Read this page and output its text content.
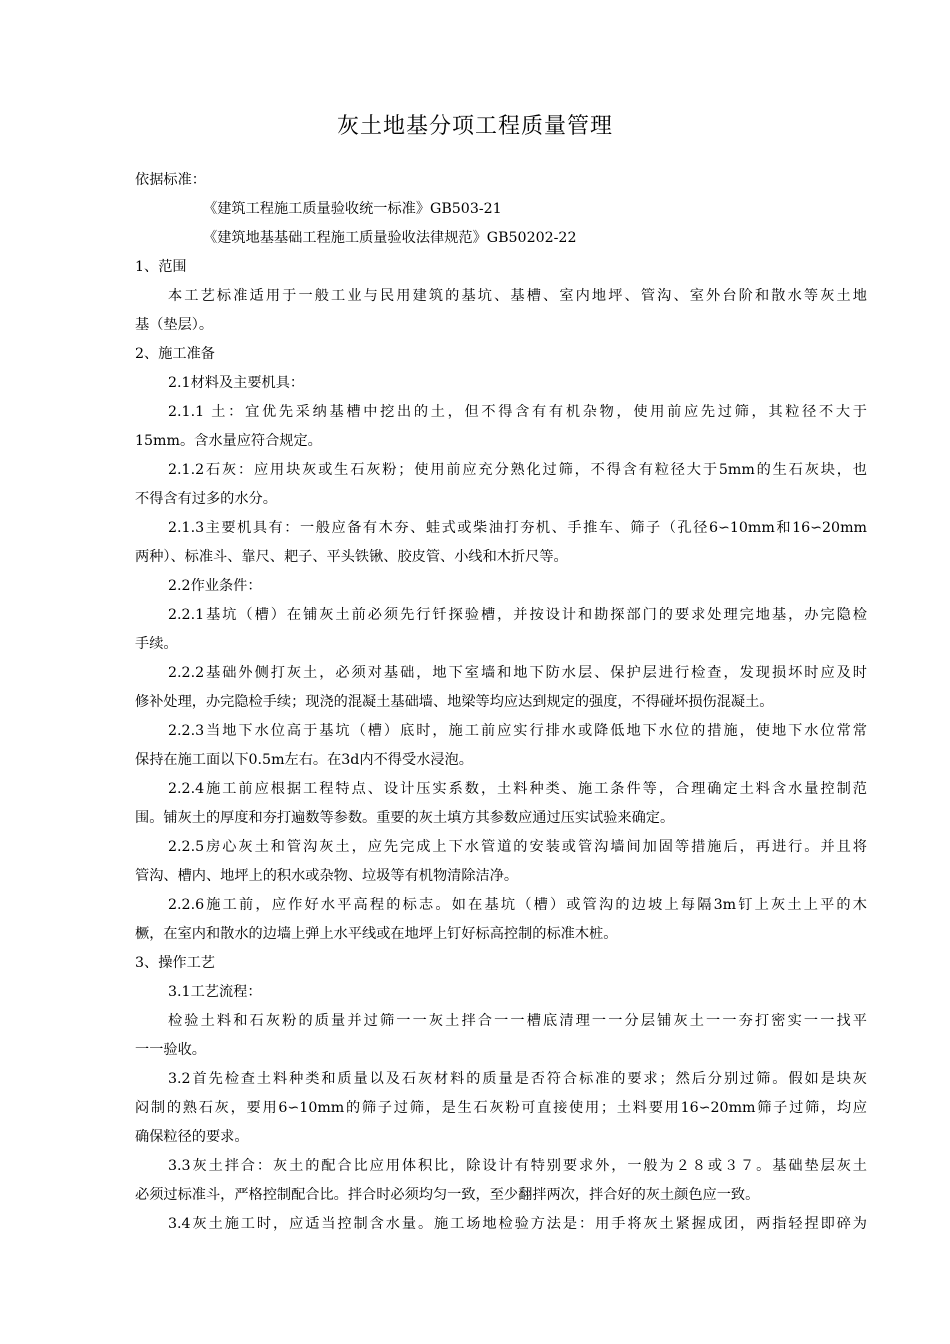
灰土地基分项工程质量管理
依据标准：
《建筑工程施工质量验收统一标准》GB503-21
《建筑地基基础工程施工质量验收法律规范》GB50202-22
1、范围
本工艺标准适用于一般工业与民用建筑的基坑、基槽、室内地坪、管沟、室外台阶和散水等灰土地
基（垫层）。
2、施工准备
2.1材料及主要机具：
2.1.1 土：宜优先采纳基槽中挖出的土，但不得含有有机杂物，使用前应先过筛，其粒径不大于
15mm。含水量应符合规定。
2.1.2石灰：应用块灰或生石灰粉；使用前应充分熟化过筛，不得含有粒径大于5mm的生石灰块，也
不得含有过多的水分。
2.1.3主要机具有：一般应备有木夯、蛙式或柴油打夯机、手推车、筛子（孔径6∽10mm和16∽20mm
两种）、标准斗、靠尺、耙子、平头铁锹、胶皮管、小线和木折尺等。
2.2作业条件：
2.2.1基坑（槽）在铺灰土前必须先行钎探验槽，并按设计和勘探部门的要求处理完地基，办完隐检
手续。
2.2.2基础外侧打灰土，必须对基础，地下室墙和地下防水层、保护层进行检查，发现损坏时应及时
修补处理，办完隐检手续；现浇的混凝土基础墙、地梁等均应达到规定的强度，不得碰坏损伤混凝土。
2.2.3当地下水位高于基坑（槽）底时，施工前应实行排水或降低地下水位的措施，使地下水位常常
保持在施工面以下0.5m左右。在3d内不得受水浸泡。
2.2.4施工前应根据工程特点、设计压实系数，土料种类、施工条件等，合理确定土料含水量控制范
围。铺灰土的厚度和夯打遍数等参数。重要的灰土填方其参数应通过压实试验来确定。
2.2.5房心灰土和管沟灰土，应先完成上下水管道的安装或管沟墙间加固等措施后，再进行。并且将
管沟、槽内、地坪上的积水或杂物、垃圾等有机物清除洁净。
2.2.6施工前，应作好水平高程的标志。如在基坑（槽）或管沟的边坡上每隔3m钉上灰土上平的木
橛，在室内和散水的边墙上弹上水平线或在地坪上钉好标高控制的标准木桩。
3、操作工艺
3.1工艺流程：
检验土料和石灰粉的质量并过筛一一灰土拌合一一槽底清理一一分层铺灰土一一夯打密实一一找平
一一验收。
3.2首先检查土料种类和质量以及石灰材料的质量是否符合标准的要求；然后分别过筛。假如是块灰
闷制的熟石灰，要用6∽10mm的筛子过筛，是生石灰粉可直接使用；土料要用16∽20mm筛子过筛，均应
确保粒径的要求。
3.3灰土拌合：灰土的配合比应用体积比，除设计有特别要求外，一般为２８或３７。基础垫层灰土
必须过标准斗，严格控制配合比。拌合时必须均匀一致，至少翻拌两次，拌合好的灰土颜色应一致。
3.4灰土施工时，应适当控制含水量。施工场地检验方法是：用手将灰土紧握成团，两指轻捏即碎为
